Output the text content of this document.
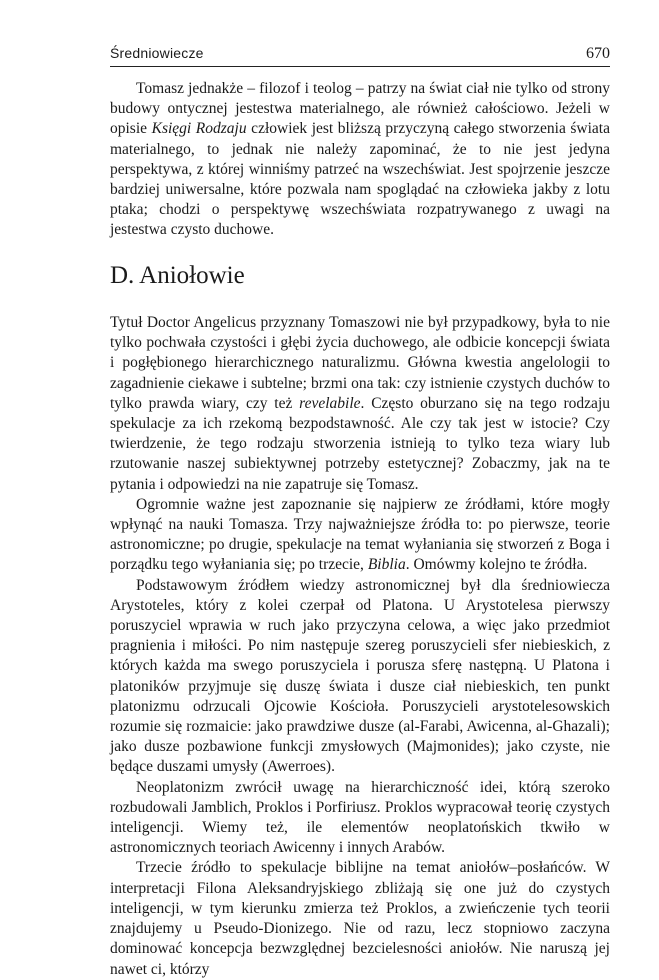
Średniowiecze	670

Tomasz jednakże – filozof i teolog – patrzy na świat ciał nie tylko od strony budowy ontycznej jestestwa materialnego, ale również całościowo. Jeżeli w opisie Księgi Rodzaju człowiek jest bliższą przyczyną całego stworzenia świata materialnego, to jednak nie należy zapominać, że to nie jest jedyna perspektywa, z której winniśmy patrzeć na wszechświat. Jest spojrzenie jeszcze bardziej uniwersalne, które pozwala nam spoglądać na człowieka jakby z lotu ptaka; chodzi o perspektywę wszechświata rozpatrywanego z uwagi na jestestwa czysto duchowe.

D. Aniołowie

Tytuł Doctor Angelicus przyznany Tomaszowi nie był przypadkowy, była to nie tylko pochwała czystości i głębi życia duchowego, ale odbicie koncepcji świata i pogłębionego hierarchicznego naturalizmu. Główna kwestia angelologii to zagadnienie ciekawe i subtelne; brzmi ona tak: czy istnienie czystych duchów to tylko prawda wiary, czy też revelabile. Często oburzano się na tego rodzaju spekulacje za ich rzekomą bezpodstawność. Ale czy tak jest w istocie? Czy twierdzenie, że tego rodzaju stworzenia istnieją to tylko teza wiary lub rzutowanie naszej subiektywnej potrzeby estetycznej? Zobaczmy, jak na te pytania i odpowiedzi na nie zapatruje się Tomasz.

Ogromnie ważne jest zapoznanie się najpierw ze źródłami, które mogły wpłynąć na nauki Tomasza. Trzy najważniejsze źródła to: po pierwsze, teorie astronomiczne; po drugie, spekulacje na temat wyłaniania się stworzeń z Boga i porządku tego wyłaniania się; po trzecie, Biblia. Omówmy kolejno te źródła.

Podstawowym źródłem wiedzy astronomicznej był dla średniowiecza Arystoteles, który z kolei czerpał od Platona. U Arystotelesa pierwszy poruszyciel wprawia w ruch jako przyczyna celowa, a więc jako przedmiot pragnienia i miłości. Po nim następuje szereg poruszycieli sfer niebieskich, z których każda ma swego poruszyciela i porusza sferę następną. U Platona i platoników przyjmuje się duszę świata i dusze ciał niebieskich, ten punkt platonizmu odrzucali Ojcowie Kościoła. Poruszycieli arystotelesowskich rozumie się rozmaicie: jako prawdziwe dusze (al-Farabi, Awicenna, al-Ghazali); jako dusze pozbawione funkcji zmysłowych (Majmonides); jako czyste, nie będące duszami umysły (Awerroes).

Neoplatonizm zwrócił uwagę na hierarchiczność idei, którą szeroko rozbudowali Jamblich, Proklos i Porfiriusz. Proklos wypracował teorię czystych inteligencji. Wiemy też, ile elementów neoplatońskich tkwiło w astronomicznych teoriach Awicenny i innych Arabów.

Trzecie źródło to spekulacje biblijne na temat aniołów–posłańców. W interpretacji Filona Aleksandryjskiego zbliżają się one już do czystych inteligencji, w tym kierunku zmierza też Proklos, a zwieńczenie tych teorii znajdujemy u Pseudo-Dionizego. Nie od razu, lecz stopniowo zaczyna dominować koncepcja bezwzględnej bezcielesności aniołów. Nie naruszą jej nawet ci, którzy
